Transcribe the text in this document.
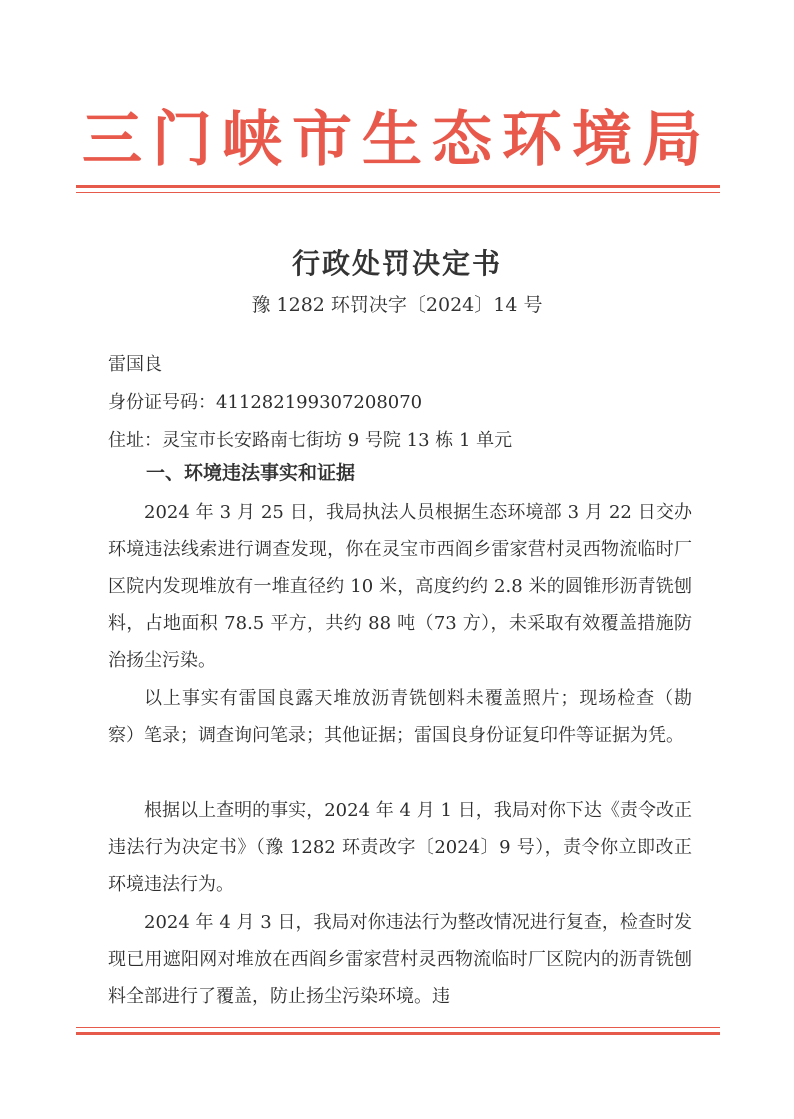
三门峡市生态环境局
行政处罚决定书
豫 1282 环罚决字〔2024〕14 号
雷国良
身份证号码：411282199307208070
住址：灵宝市长安路南七街坊 9 号院 13 栋 1 单元
一、环境违法事实和证据
2024 年 3 月 25 日，我局执法人员根据生态环境部 3 月 22 日交办环境违法线索进行调查发现，你在灵宝市西阎乡雷家营村灵西物流临时厂区院内发现堆放有一堆直径约 10 米，高度约约 2.8 米的圆锥形沥青铣刨料，占地面积 78.5 平方，共约 88 吨（73 方），未采取有效覆盖措施防治扬尘污染。
以上事实有雷国良露天堆放沥青铣刨料未覆盖照片；现场检查（勘察）笔录；调查询问笔录；其他证据；雷国良身份证复印件等证据为凭。
根据以上查明的事实，2024 年 4 月 1 日，我局对你下达《责令改正违法行为决定书》（豫 1282 环责改字〔2024〕9 号），责令你立即改正环境违法行为。
2024 年 4 月 3 日，我局对你违法行为整改情况进行复查，检查时发现已用遮阳网对堆放在西阎乡雷家营村灵西物流临时厂区院内的沥青铣刨料全部进行了覆盖，防止扬尘污染环境。违
